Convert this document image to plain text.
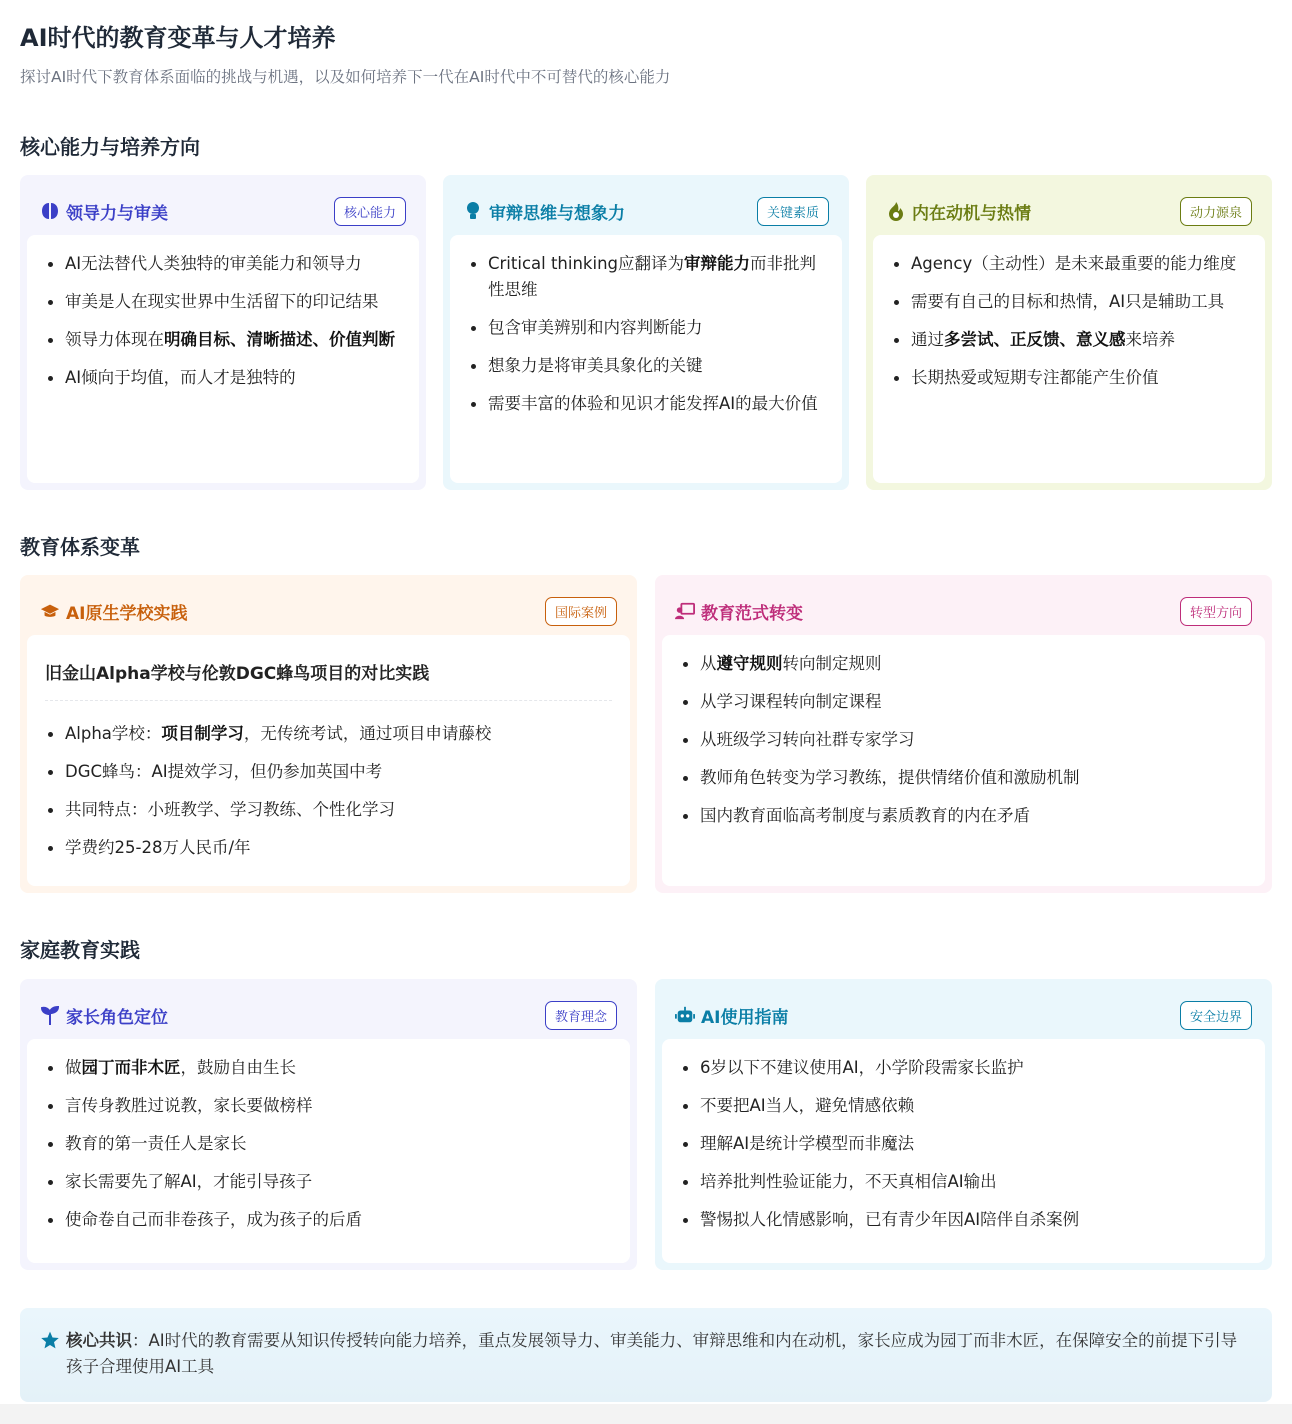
AI时代的教育变革与人才培养
探讨AI时代下教育体系面临的挑战与机遇，以及如何培养下一代在AI时代中不可替代的核心能力
核心能力与培养方向
教育体系变革
家庭教育实践
领导力与审美	核心能力
AI无法替代人类独特的审美能力和领导力
审美是人在现实世界中生活留下的印记结果
领导力体现在明确目标、清晰描述、价值判断
AI倾向于均值，而人才是独特的
审辩思维与想象力	关键素质
Critical thinking应翻译为审辩能力而非批判性思维
包含审美辨别和内容判断能力
想象力是将审美具象化的关键
需要丰富的体验和见识才能发挥AI的最大价值
内在动机与热情	动力源泉
Agency（主动性）是未来最重要的能力维度
需要有自己的目标和热情，AI只是辅助工具
通过多尝试、正反馈、意义感来培养
长期热爱或短期专注都能产生价值
AI原生学校实践	国际案例
旧金山Alpha学校与伦敦DGC蜂鸟项目的对比实践
Alpha学校：项目制学习，无传统考试，通过项目申请藤校
DGC蜂鸟：AI提效学习，但仍参加英国中考
共同特点：小班教学、学习教练、个性化学习
学费约25-28万人民币/年
教育范式转变	转型方向
从遵守规则转向制定规则
从学习课程转向制定课程
从班级学习转向社群专家学习
教师角色转变为学习教练，提供情绪价值和激励机制
国内教育面临高考制度与素质教育的内在矛盾
家长角色定位	教育理念
做园丁而非木匠，鼓励自由生长
言传身教胜过说教，家长要做榜样
教育的第一责任人是家长
家长需要先了解AI，才能引导孩子
使命卷自己而非卷孩子，成为孩子的后盾
AI使用指南	安全边界
6岁以下不建议使用AI，小学阶段需家长监护
不要把AI当人，避免情感依赖
理解AI是统计学模型而非魔法
培养批判性验证能力，不天真相信AI输出
警惕拟人化情感影响，已有青少年因AI陪伴自杀案例
核心共识：AI时代的教育需要从知识传授转向能力培养，重点发展领导力、审美能力、审辩思维和内在动机，家长应成为园丁而非木匠，在保障安全的前提下引导孩子合理使用AI工具
